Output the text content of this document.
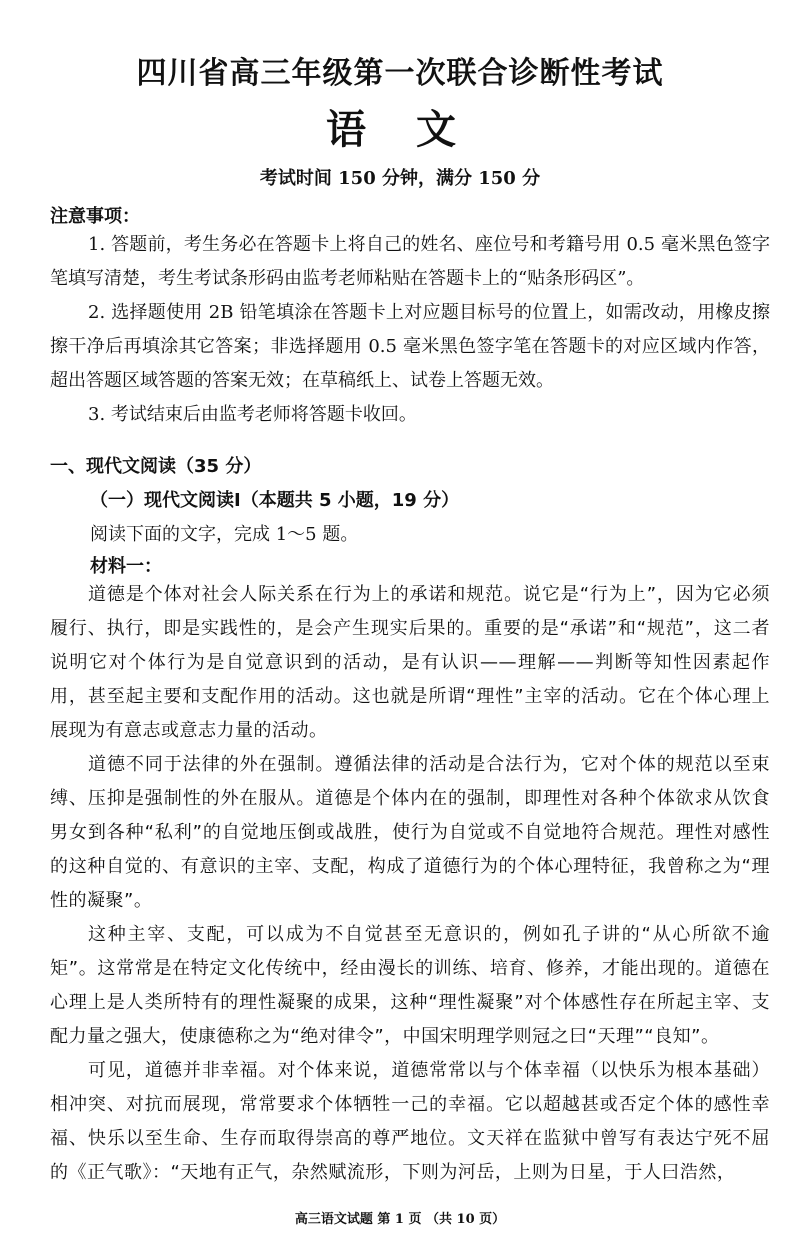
四川省高三年级第一次联合诊断性考试
语 文
考试时间 150 分钟，满分 150 分
注意事项：
1. 答题前，考生务必在答题卡上将自己的姓名、座位号和考籍号用 0.5 毫米黑色签字笔填写清楚，考生考试条形码由监考老师粘贴在答题卡上的“贴条形码区”。
2. 选择题使用 2B 铅笔填涂在答题卡上对应题目标号的位置上，如需改动，用橡皮擦擦干净后再填涂其它答案；非选择题用 0.5 毫米黑色签字笔在答题卡的对应区域内作答，超出答题区域答题的答案无效；在草稿纸上、试卷上答题无效。
3. 考试结束后由监考老师将答题卡收回。
一、现代文阅读（35 分）
（一）现代文阅读Ⅰ（本题共 5 小题，19 分）
阅读下面的文字，完成 1～5 题。
材料一：
道德是个体对社会人际关系在行为上的承诺和规范。说它是“行为上”，因为它必须履行、执行，即是实践性的，是会产生现实后果的。重要的是“承诺”和“规范”，这二者说明它对个体行为是自觉意识到的活动，是有认识——理解——判断等知性因素起作用，甚至起主要和支配作用的活动。这也就是所谓“理性”主宰的活动。它在个体心理上展现为有意志或意志力量的活动。
道德不同于法律的外在强制。遵循法律的活动是合法行为，它对个体的规范以至束缚、压抑是强制性的外在服从。道德是个体内在的强制，即理性对各种个体欲求从饮食男女到各种“私利”的自觉地压倒或战胜，使行为自觉或不自觉地符合规范。理性对感性的这种自觉的、有意识的主宰、支配，构成了道德行为的个体心理特征，我曾称之为“理性的凝聚”。
这种主宰、支配，可以成为不自觉甚至无意识的，例如孔子讲的“从心所欲不逾矩”。这常常是在特定文化传统中，经由漫长的训练、培育、修养，才能出现的。道德在心理上是人类所特有的理性凝聚的成果，这种“理性凝聚”对个体感性存在所起主宰、支配力量之强大，使康德称之为“绝对律令”，中国宋明理学则冠之曰“天理”“良知”。
可见，道德并非幸福。对个体来说，道德常常以与个体幸福（以快乐为根本基础）相冲突、对抗而展现，常常要求个体牺牲一己的幸福。它以超越甚或否定个体的感性幸福、快乐以至生命、生存而取得崇高的尊严地位。文天祥在监狱中曾写有表达宁死不屈的《正气歌》：“天地有正气，杂然赋流形，下则为河岳，上则为日星，于人曰浩然，
高三语文试题 第 1 页 （共 10 页）
